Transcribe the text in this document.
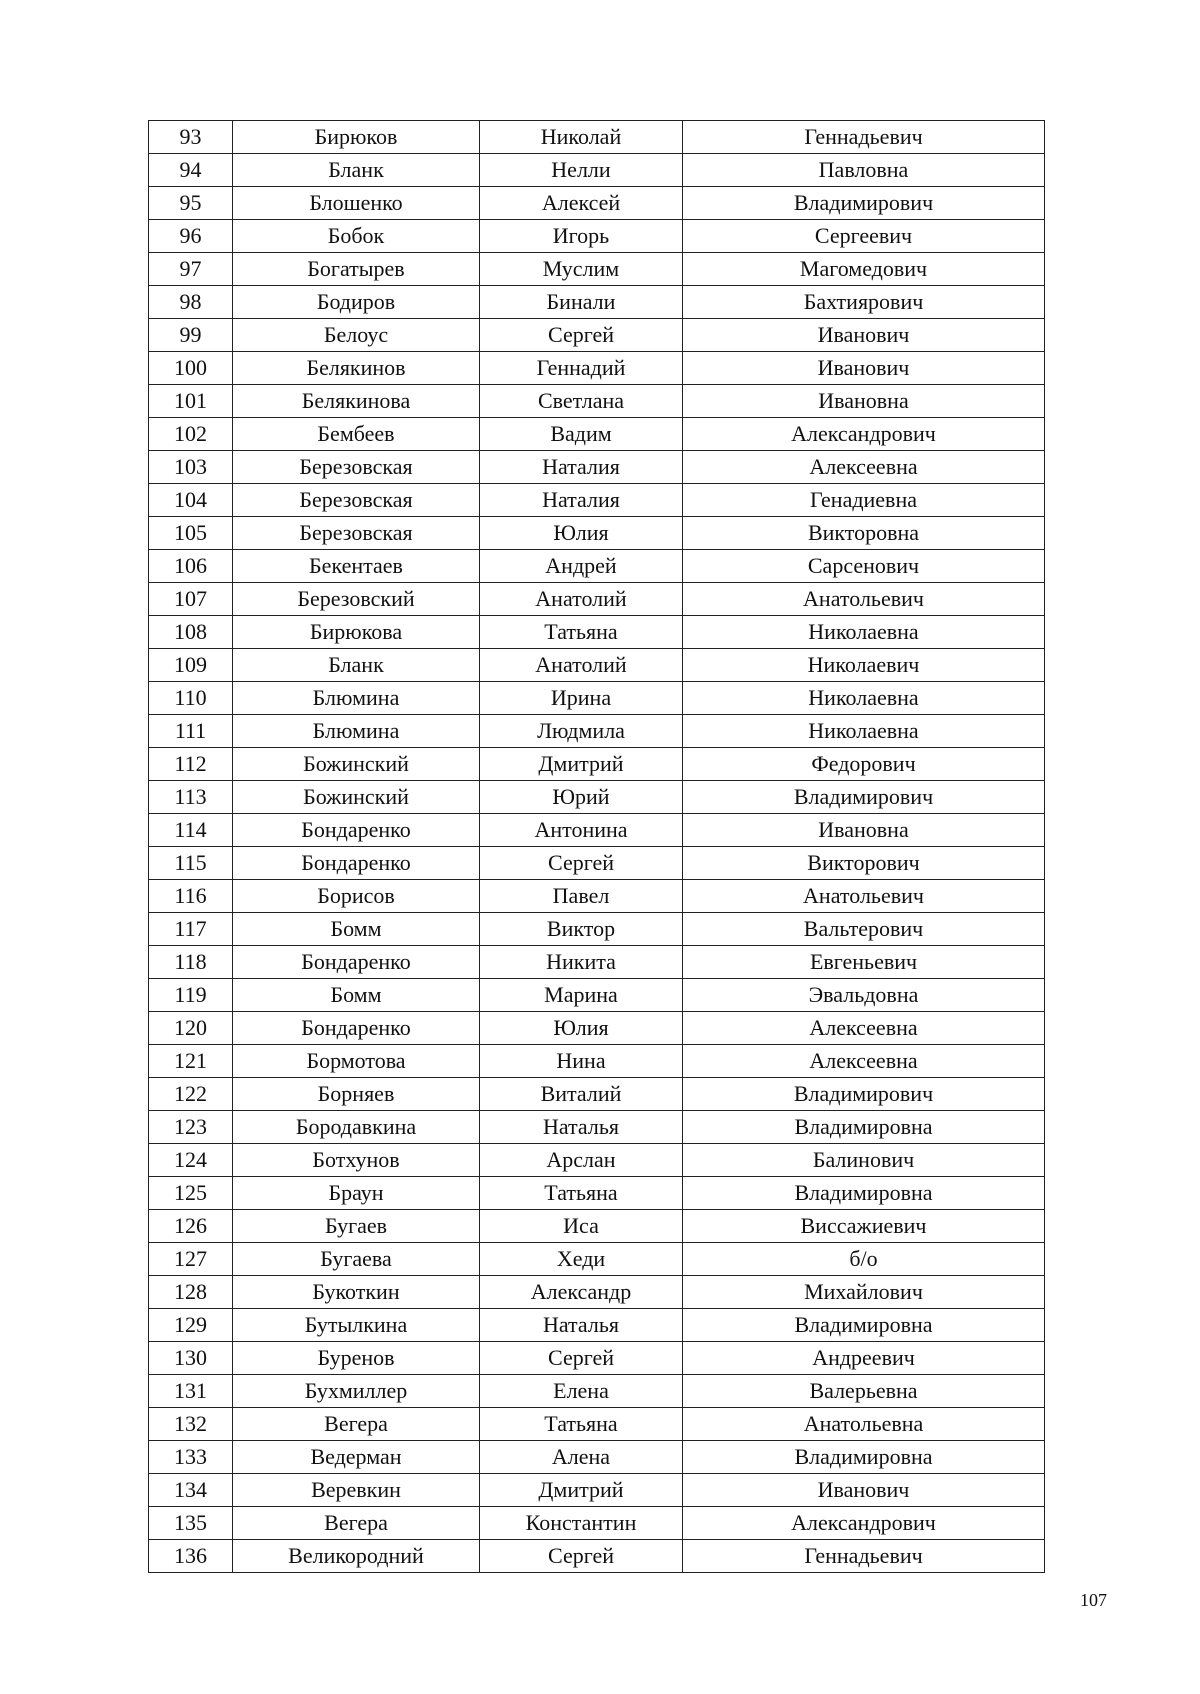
93	Бирюков	Николай	Геннадьевич
94	Бланк	Нелли	Павловна
95	Блошенко	Алексей	Владимирович
96	Бобок	Игорь	Сергеевич
97	Богатырев	Муслим	Магомедович
98	Бодиров	Бинали	Бахтиярович
99	Белоус	Сергей	Иванович
100	Белякинов	Геннадий	Иванович
101	Белякинова	Светлана	Ивановна
102	Бембеев	Вадим	Александрович
103	Березовская	Наталия	Алексеевна
104	Березовская	Наталия	Генадиевна
105	Березовская	Юлия	Викторовна
106	Бекентаев	Андрей	Сарсенович
107	Березовский	Анатолий	Анатольевич
108	Бирюкова	Татьяна	Николаевна
109	Бланк	Анатолий	Николаевич
110	Блюмина	Ирина	Николаевна
111	Блюмина	Людмила	Николаевна
112	Божинский	Дмитрий	Федорович
113	Божинский	Юрий	Владимирович
114	Бондаренко	Антонина	Ивановна
115	Бондаренко	Сергей	Викторович
116	Борисов	Павел	Анатольевич
117	Бомм	Виктор	Вальтерович
118	Бондаренко	Никита	Евгеньевич
119	Бомм	Марина	Эвальдовна
120	Бондаренко	Юлия	Алексеевна
121	Бормотова	Нина	Алексеевна
122	Борняев	Виталий	Владимирович
123	Бородавкина	Наталья	Владимировна
124	Ботхунов	Арслан	Балинович
125	Браун	Татьяна	Владимировна
126	Бугаев	Иса	Виссажиевич
127	Бугаева	Хеди	б/о
128	Букоткин	Александр	Михайлович
129	Бутылкина	Наталья	Владимировна
130	Буренов	Сергей	Андреевич
131	Бухмиллер	Елена	Валерьевна
132	Вегера	Татьяна	Анатольевна
133	Ведерман	Алена	Владимировна
134	Веревкин	Дмитрий	Иванович
135	Вегера	Константин	Александрович
136	Великородний	Сергей	Геннадьевич
107
